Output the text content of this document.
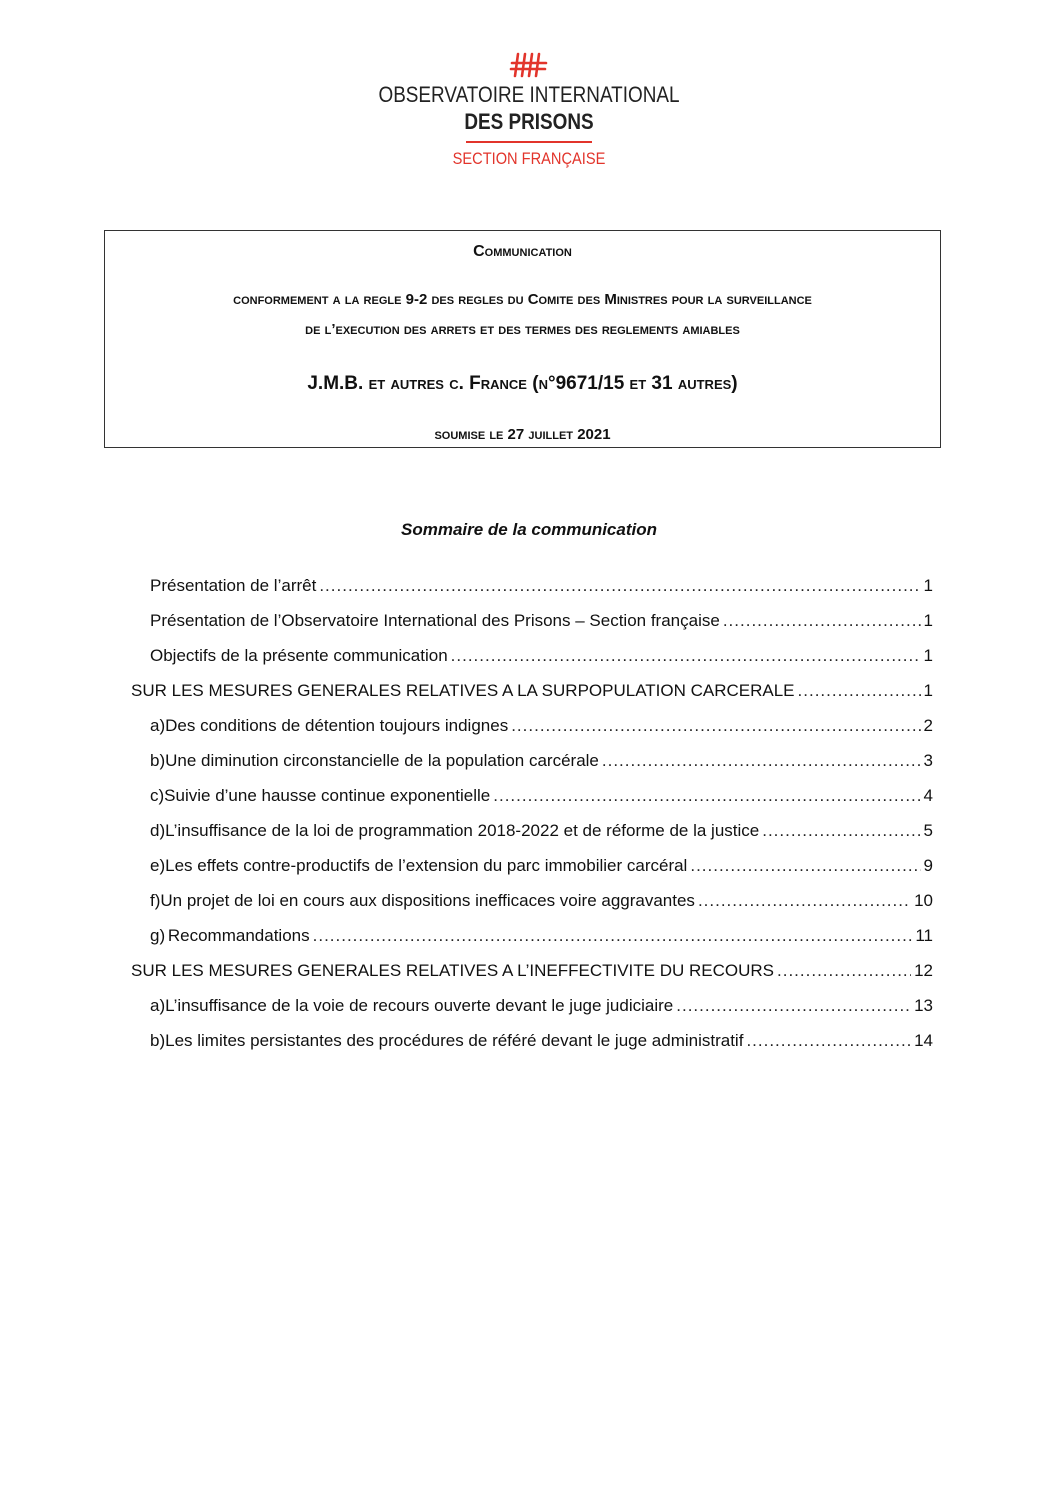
OBSERVATOIRE INTERNATIONAL
DES PRISONS
SECTION FRANÇAISE
Communication
conformement a la regle 9-2 des regles du Comite des Ministres pour la surveillance
de l’execution des arrets et des termes des reglements amiables
J.M.B. et autres c. France (n°9671/15 et 31 autres)
soumise le 27 juillet 2021
Sommaire de la communication
Présentation de l’arrêt .....	1
Présentation de l’Observatoire International des Prisons – Section française .....	1
Objectifs de la présente communication .....	1
SUR LES MESURES GENERALES RELATIVES A LA SURPOPULATION CARCERALE .....	1
a) Des conditions de détention toujours indignes .....	2
b) Une diminution circonstancielle de la population carcérale .....	3
c) Suivie d’une hausse continue exponentielle .....	4
d) L’insuffisance de la loi de programmation 2018-2022 et de réforme de la justice .....	5
e) Les effets contre-productifs de l’extension du parc immobilier carcéral .....	9
f) Un projet de loi en cours aux dispositions inefficaces voire aggravantes .....	10
g) Recommandations .....	11
SUR LES MESURES GENERALES RELATIVES A L’INEFFECTIVITE DU RECOURS .....	12
a) L’insuffisance de la voie de recours ouverte devant le juge judiciaire .....	13
b) Les limites persistantes des procédures de référé devant le juge administratif .....	14
